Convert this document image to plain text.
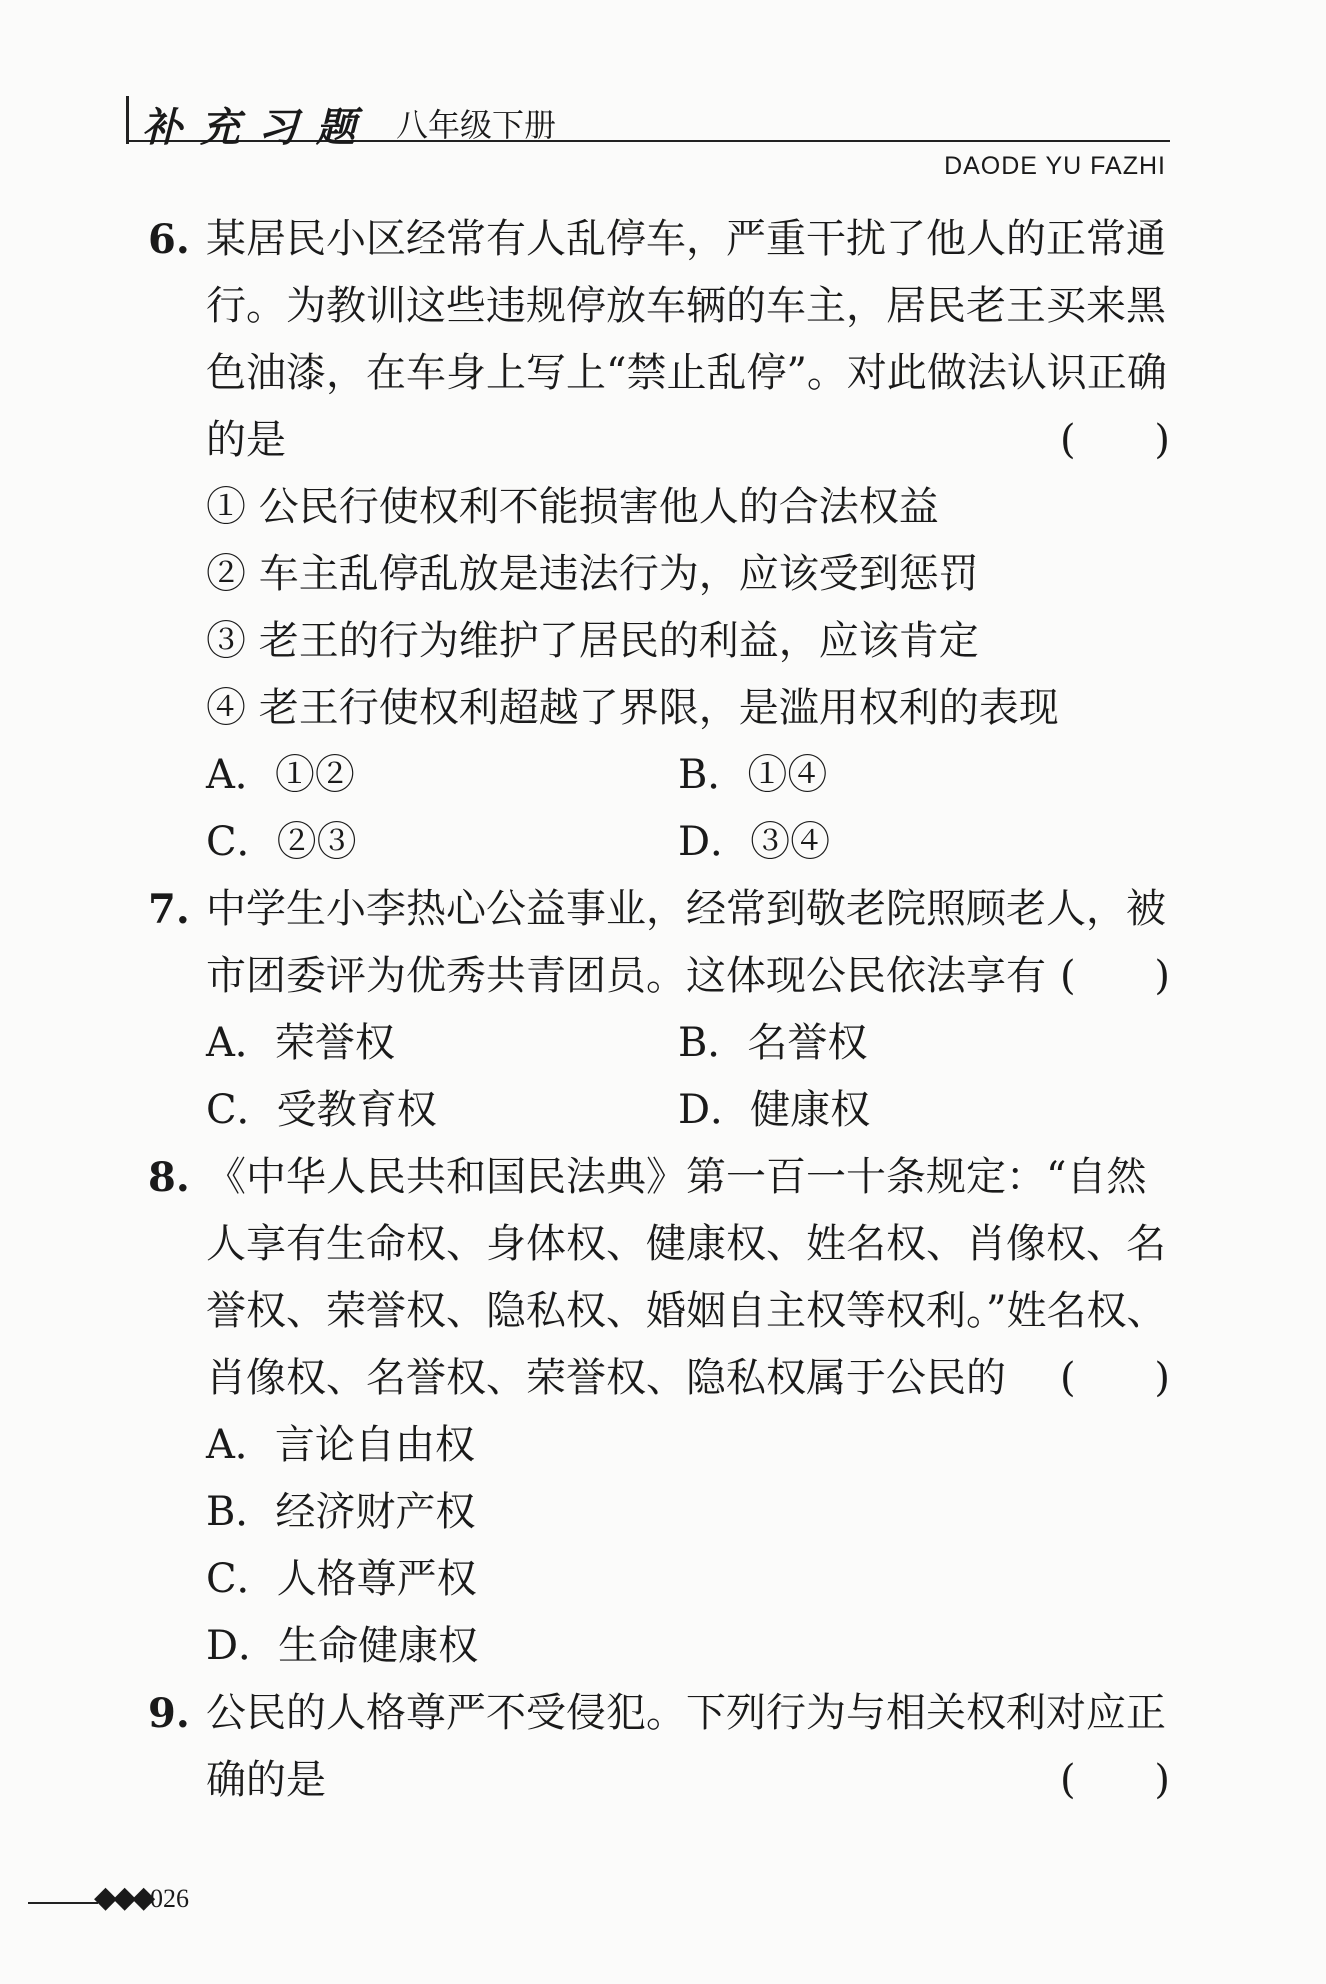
补充习题 八年级下册
DAODE YU FAZHI
6. 某居民小区经常有人乱停车，严重干扰了他人的正常通行。为教训这些违规停放车辆的车主，居民老王买来黑色油漆，在车身上写上“禁止乱停”。对此做法认识正确的是	( )
① 公民行使权利不能损害他人的合法权益
② 车主乱停乱放是违法行为，应该受到惩罚
③ 老王的行为维护了居民的利益，应该肯定
④ 老王行使权利超越了界限，是滥用权利的表现
A．①②	B．①④
C．②③	D．③④
7. 中学生小李热心公益事业，经常到敬老院照顾老人，被市团委评为优秀共青团员。这体现公民依法享有 ( )
A．荣誉权	B．名誉权
C．受教育权	D．健康权
8. 《中华人民共和国民法典》第一百一十条规定：“自然人享有生命权、身体权、健康权、姓名权、肖像权、名誉权、荣誉权、隐私权、婚姻自主权等权利。”姓名权、肖像权、名誉权、荣誉权、隐私权属于公民的	( )
A．言论自由权
B．经济财产权
C．人格尊严权
D．生命健康权
9. 公民的人格尊严不受侵犯。下列行为与相关权利对应正确的是	( )
◆◆◆
026
